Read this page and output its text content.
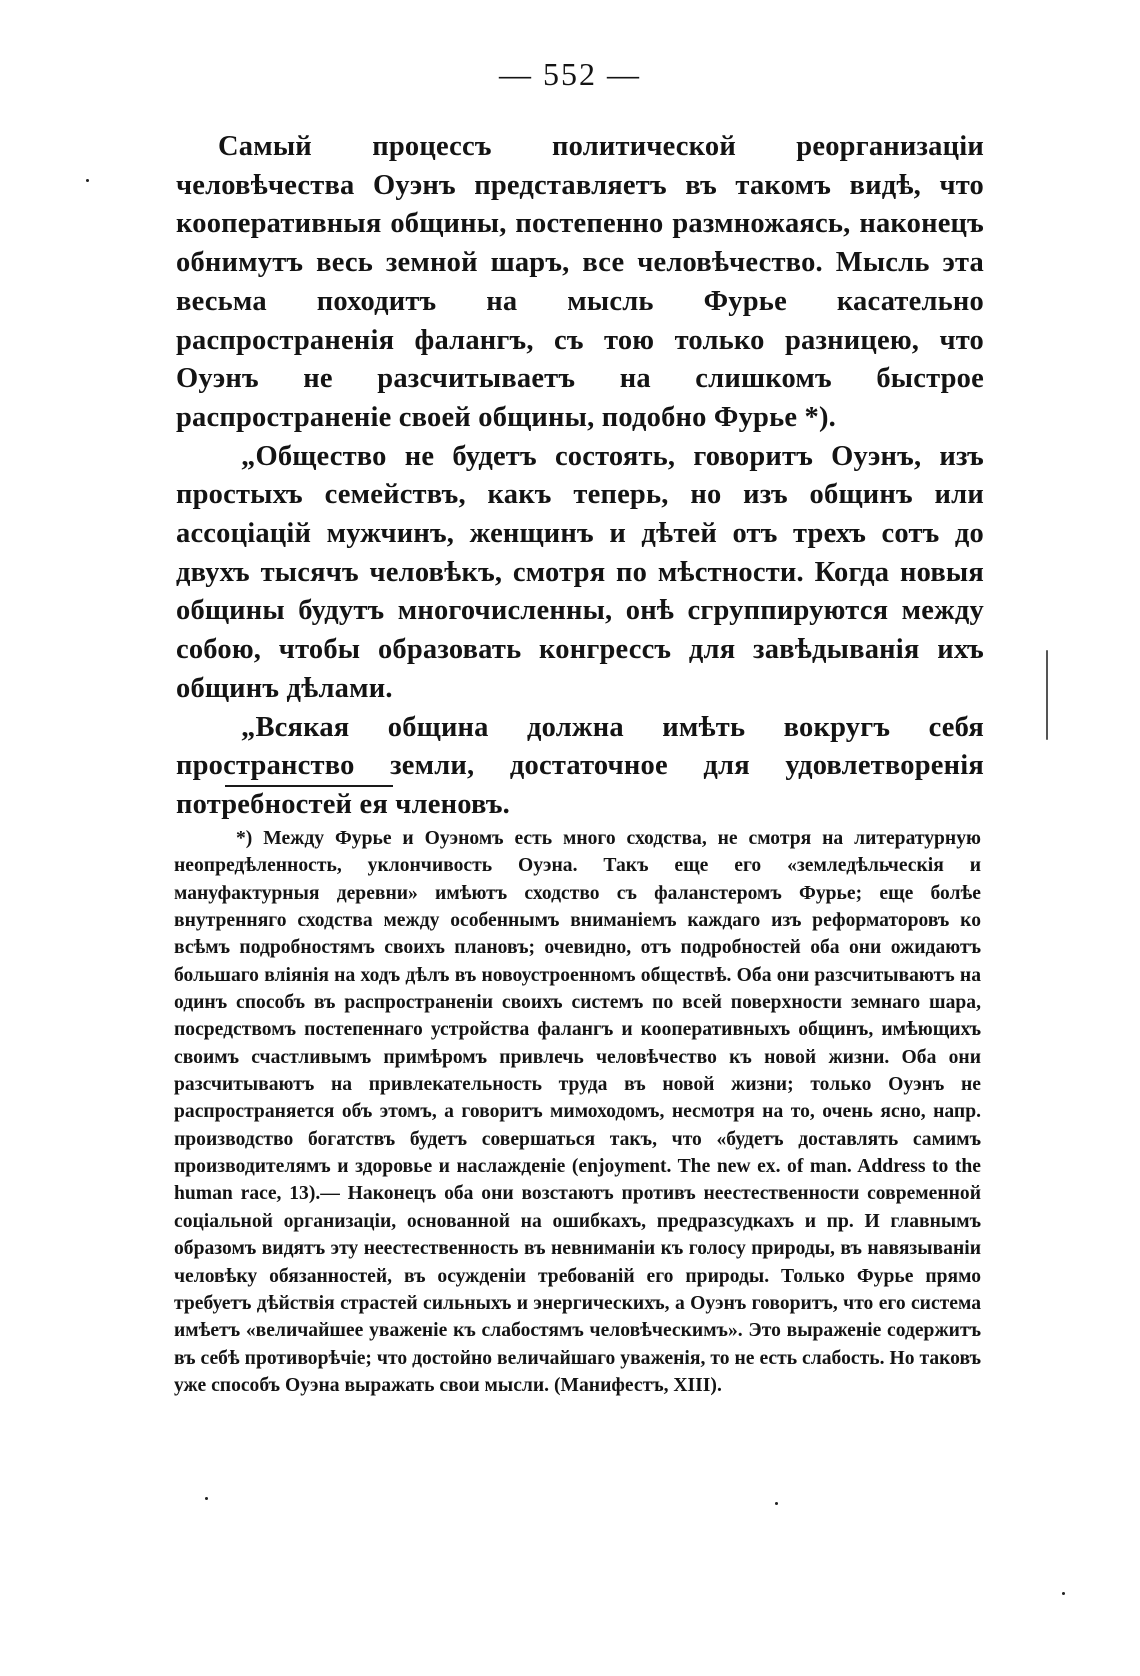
— 552 —

Самый процессъ политической реорганизаціи человѣчества Оуэнъ представляетъ въ такомъ видѣ, что кооперативныя общины, постепенно размножаясь, наконецъ обнимутъ весь земной шаръ, все человѣчество. Мысль эта весьма походитъ на мысль Фурье касательно распространенія фалангъ, съ тою только разницею, что Оуэнъ не разсчитываетъ на слишкомъ быстрое распространеніе своей общины, подобно Фурье *).

„Общество не будетъ состоять, говоритъ Оуэнъ, изъ простыхъ семействъ, какъ теперь, но изъ общинъ или ассоціацій мужчинъ, женщинъ и дѣтей отъ трехъ сотъ до двухъ тысячъ человѣкъ, смотря по мѣстности. Когда новыя общины будутъ многочисленны, онѣ сгруппируются между собою, чтобы образовать конгрессъ для завѣдыванія ихъ общинъ дѣлами.

„Всякая община должна имѣть вокругъ себя пространство земли, достаточное для удовлетворенія потребностей ея членовъ.

*) Между Фурье и Оуэномъ есть много сходства, не смотря на литературную неопредѣленность, уклончивость Оуэна. Такъ еще его «земледѣльческія и мануфактурныя деревни» имѣютъ сходство съ фаланстеромъ Фурье; еще болѣе внутренняго сходства между особеннымъ вниманіемъ каждаго изъ реформаторовъ ко всѣмъ подробностямъ своихъ плановъ; очевидно, отъ подробностей оба они ожидаютъ большаго вліянія на ходъ дѣлъ въ новоустроенномъ обществѣ. Оба они разсчитываютъ на одинъ способъ въ распространеніи своихъ системъ по всей поверхности земнаго шара, посредствомъ постепеннаго устройства фалангъ и кооперативныхъ общинъ, имѣющихъ своимъ счастливымъ примѣромъ привлечь человѣчество къ новой жизни. Оба они разсчитываютъ на привлекательность труда въ новой жизни; только Оуэнъ не распространяется объ этомъ, а говоритъ мимоходомъ, несмотря на то, очень ясно, напр. производство богатствъ будетъ совершаться такъ, что «будетъ доставлять самимъ производителямъ и здоровье и наслажденіе (enjoyment. The new ex. of man. Address to the human race, 13).— Наконецъ оба они возстаютъ противъ неестественности современной соціальной организаціи, основанной на ошибкахъ, предразсудкахъ и пр. И главнымъ образомъ видятъ эту неестественность въ невниманіи къ голосу природы, въ навязываніи человѣку обязанностей, въ осужденіи требованій его природы. Только Фурье прямо требуетъ дѣйствія страстей сильныхъ и энергическихъ, а Оуэнъ говоритъ, что его система имѣетъ «величайшее уваженіе къ слабостямъ человѣческимъ». Это выраженіе содержитъ въ себѣ противорѣчіе; что достойно величайшаго уваженія, то не есть слабость. Но таковъ уже способъ Оуэна выражать свои мысли. (Манифестъ, XIII).
